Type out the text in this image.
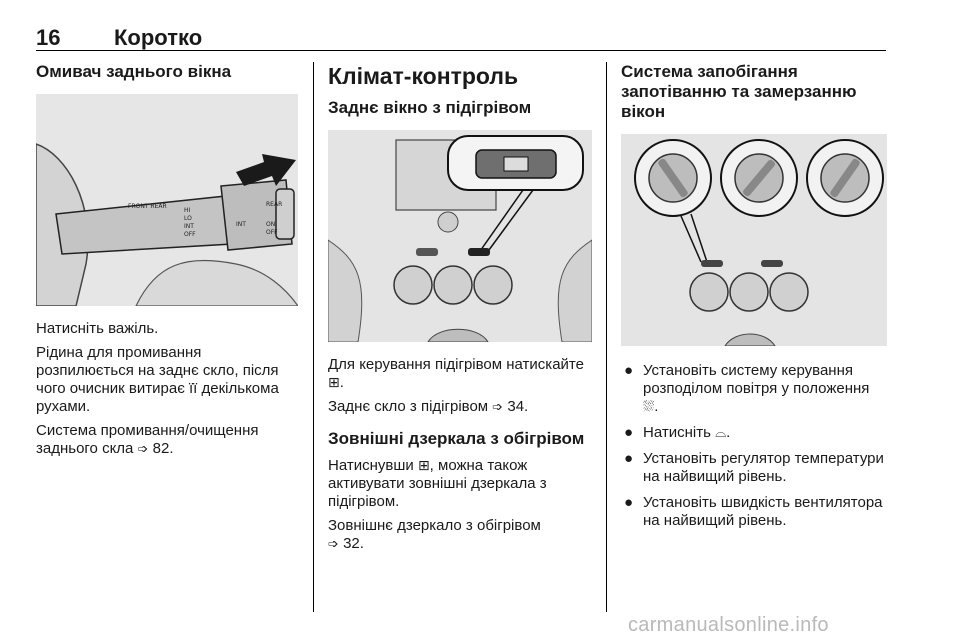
16 Коротко
Омивач заднього вікна
FRONT REAR
HI
LO
INT
OFF
REAR
ON
OFF
INT

Натисніть важіль.

Рідина для промивання розпилюється на заднє скло, після чого очисник витирає її декількома рухами.

Система промивання/очищення заднього скла ➩ 82.

Клімат-контроль
Заднє вікно з підігрівом

Для керування підігрівом натискайте ⊞.

Заднє скло з підігрівом ➩ 34.

Зовнішні дзеркала з обігрівом

Натиснувши ⊞, можна також активувати зовнішні дзеркала з підігрівом.

Зовнішнє дзеркало з обігрівом
➩ 32.

Система запобігання запотіванню та замерзанню вікон
● Установіть систему керування розподілом повітря у положення ⛆.
● Натисніть ⌓.
● Установіть регулятор температури на найвищий рівень.
● Установіть швидкість вентилятора на найвищий рівень.
carmanualsonline.info
